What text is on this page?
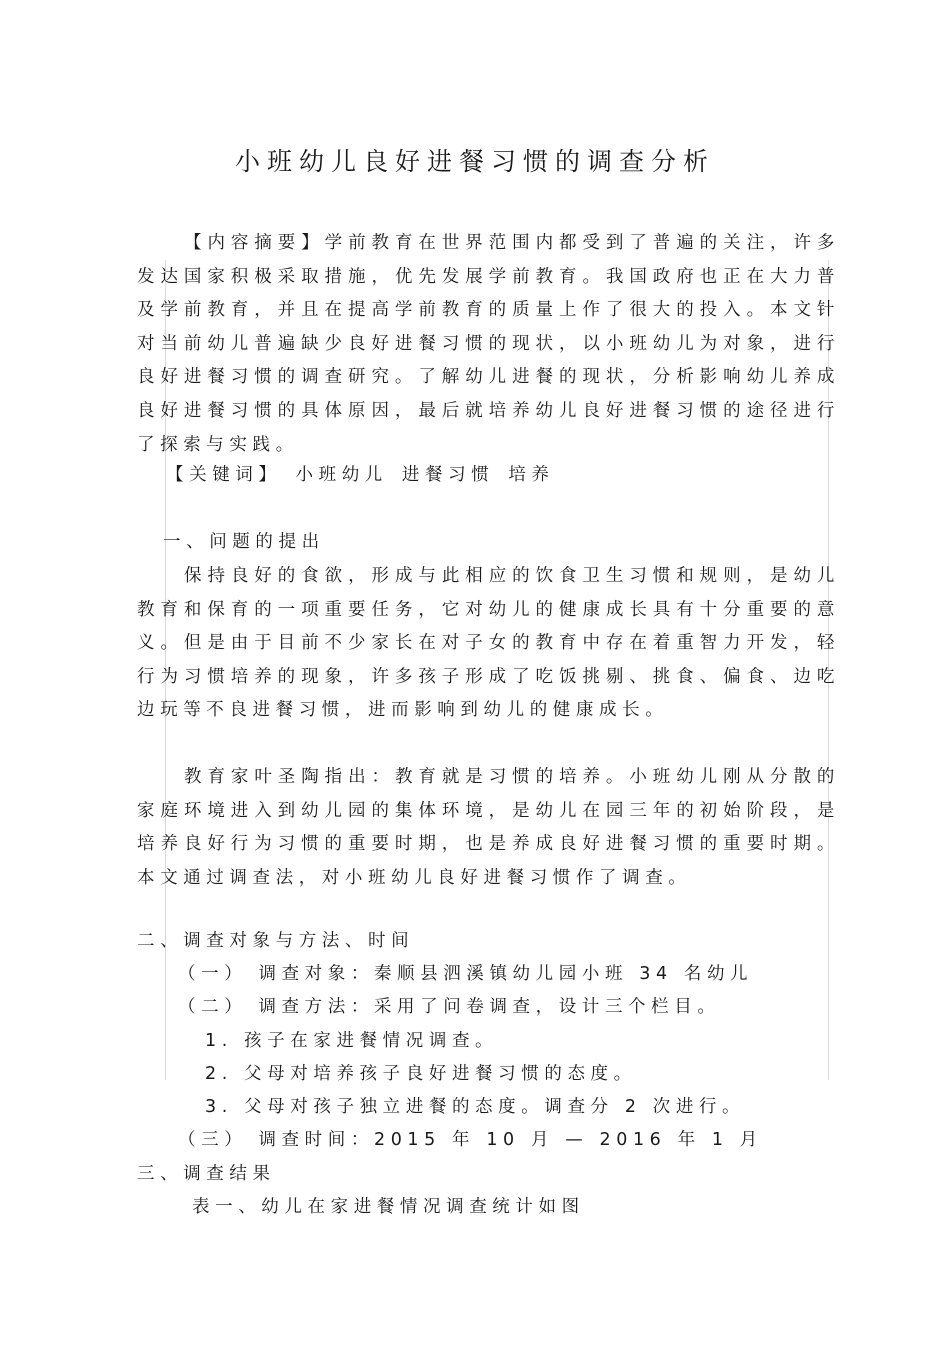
小班幼儿良好进餐习惯的调查分析

【内容摘要】学前教育在世界范围内都受到了普遍的关注，许多发达国家积极采取措施，优先发展学前教育。我国政府也正在大力普及学前教育，并且在提高学前教育的质量上作了很大的投入。本文针对当前幼儿普遍缺少良好进餐习惯的现状，以小班幼儿为对象，进行良好进餐习惯的调查研究。了解幼儿进餐的现状，分析影响幼儿养成良好进餐习惯的具体原因，最后就培养幼儿良好进餐习惯的途径进行了探索与实践。

【关键词】 小班幼儿 进餐习惯 培养

一、问题的提出

保持良好的食欲，形成与此相应的饮食卫生习惯和规则，是幼儿教育和保育的一项重要任务，它对幼儿的健康成长具有十分重要的意义。但是由于目前不少家长在对子女的教育中存在着重智力开发，轻行为习惯培养的现象，许多孩子形成了吃饭挑剔、挑食、偏食、边吃边玩等不良进餐习惯，进而影响到幼儿的健康成长。

教育家叶圣陶指出：教育就是习惯的培养。小班幼儿刚从分散的家庭环境进入到幼儿园的集体环境，是幼儿在园三年的初始阶段，是培养良好行为习惯的重要时期，也是养成良好进餐习惯的重要时期。本文通过调查法，对小班幼儿良好进餐习惯作了调查。

二、调查对象与方法、时间

（一） 调查对象：秦顺县泗溪镇幼儿园小班 34 名幼儿

（二） 调查方法：采用了问卷调查，设计三个栏目。

1. 孩子在家进餐情况调查。

2. 父母对培养孩子良好进餐习惯的态度。

3. 父母对孩子独立进餐的态度。调查分 2 次进行。

（三） 调查时间：2015 年 10 月 — 2016 年 1 月

三、调查结果

表一、幼儿在家进餐情况调查统计如图
